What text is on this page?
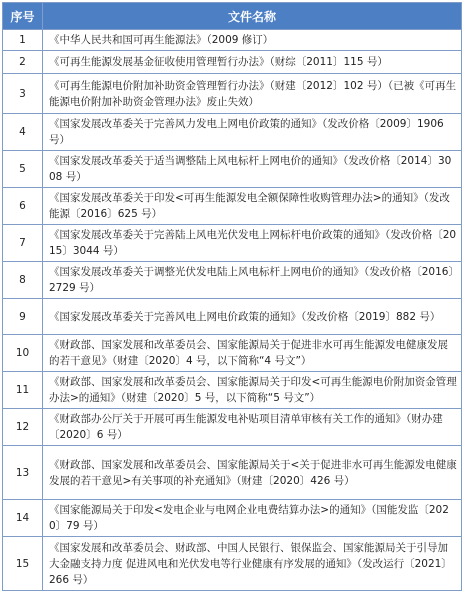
序号	文件名称
1	《中华人民共和国可再生能源法》（2009 修订）
2	《可再生能源发展基金征收使用管理暂行办法》（财综〔2011〕115 号）
3	《可再生能源电价附加补助资金管理暂行办法》（财建〔2012〕102 号）（已被《可再生能源电价附加补助资金管理办法》废止失效）
4	《国家发展改革委关于完善风力发电上网电价政策的通知》（发改价格〔2009〕1906 号）
5	《国家发展改革委关于适当调整陆上风电标杆上网电价的通知》（发改价格〔2014〕3008 号）
6	《国家发展改革委关于印发<可再生能源发电全额保障性收购管理办法>的通知》（发改能源〔2016〕625 号）
7	《国家发展改革委关于完善陆上风电光伏发电上网标杆电价政策的通知》（发改价格〔2015〕3044 号）
8	《国家发展改革委关于调整光伏发电陆上风电标杆上网电价的通知》（发改价格〔2016〕2729 号）
9	《国家发展改革委关于完善风电上网电价政策的通知》（发改价格〔2019〕882 号）
10	《财政部、国家发展和改革委员会、国家能源局关于促进非水可再生能源发电健康发展的若干意见》（财建〔2020〕4 号，以下简称“4 号文”）
11	《财政部、国家发展和改革委员会、国家能源局关于印发<可再生能源电价附加资金管理办法>的通知》（财建〔2020〕5 号，以下简称“5 号文”）
12	《财政部办公厅关于开展可再生能源发电补贴项目清单审核有关工作的通知》（财办建〔2020〕6 号）
13	《财政部、国家发展和改革委员会、国家能源局关于<关于促进非水可再生能源发电健康发展的若干意见>有关事项的补充通知》（财建〔2020〕426 号）
14	《国家能源局关于印发<发电企业与电网企业电费结算办法>的通知》（国能发监〔2020〕79 号）
15	《国家发展和改革委员会、财政部、中国人民银行、银保监会、国家能源局关于引导加大金融支持力度 促进风电和光伏发电等行业健康有序发展的通知》（发改运行〔2021〕266 号）
